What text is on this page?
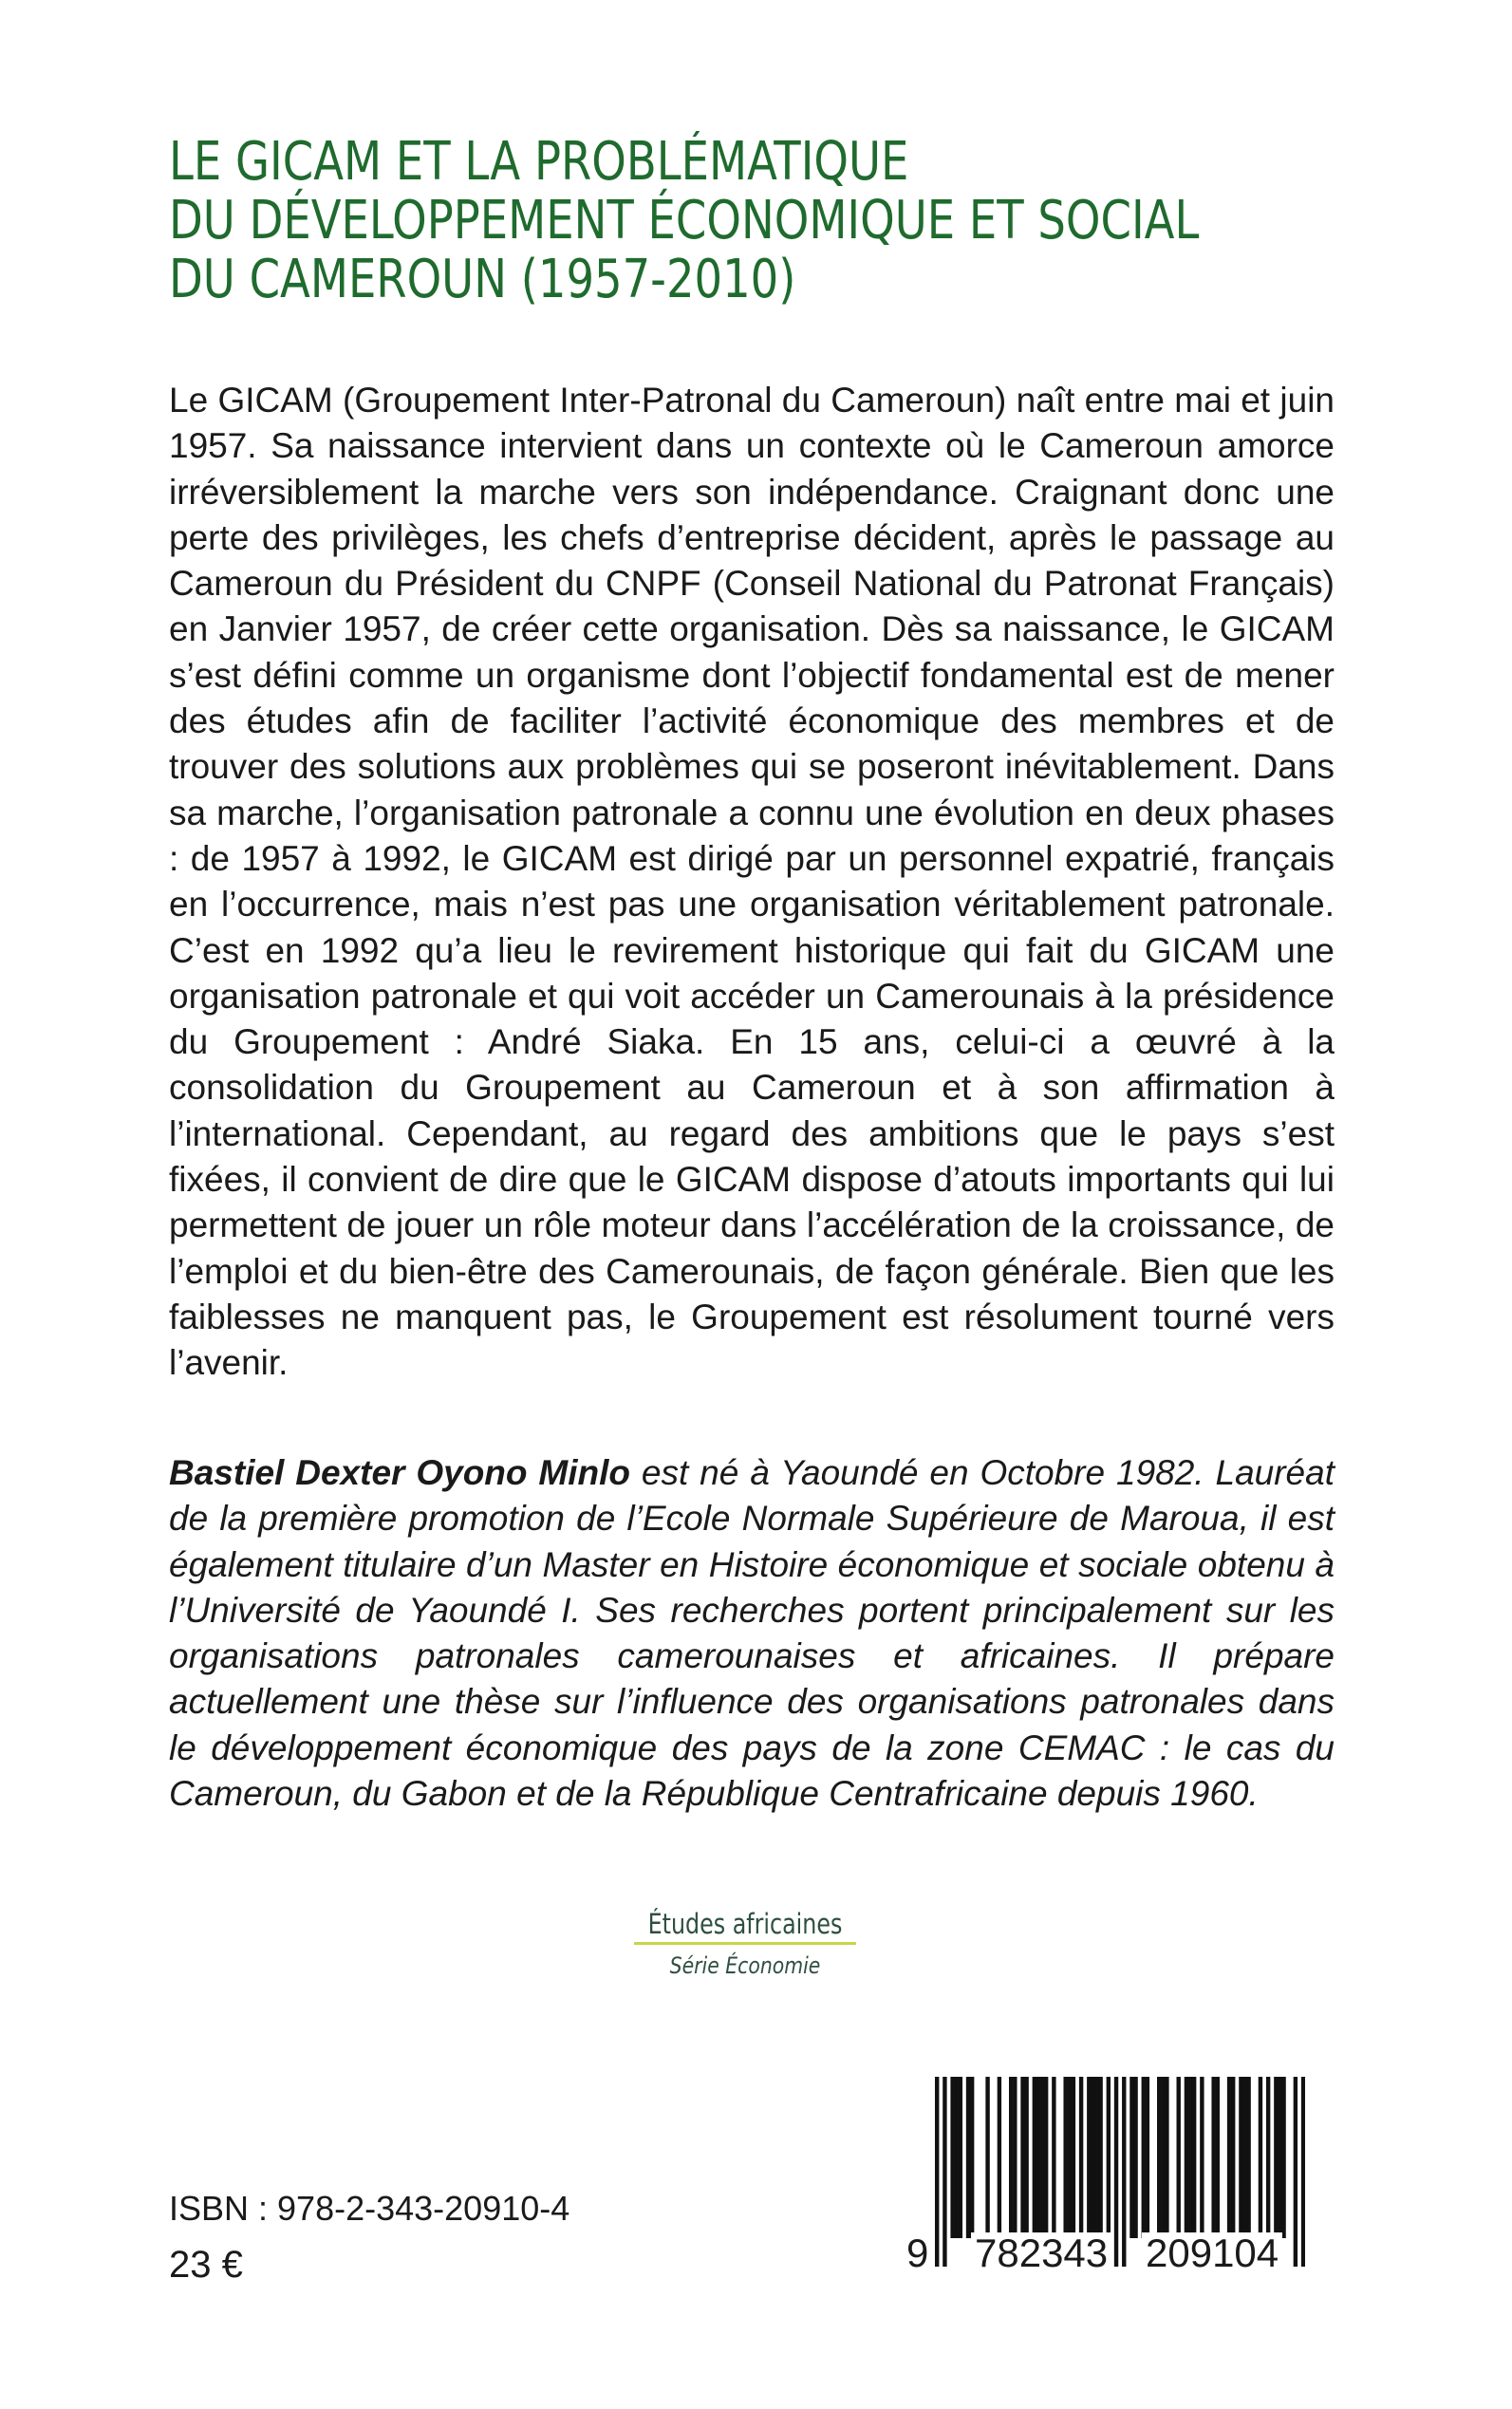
LE GICAM ET LA PROBLÉMATIQUE
DU DÉVELOPPEMENT ÉCONOMIQUE ET SOCIAL
DU CAMEROUN (1957-2010)

Le GICAM (Groupement Inter-Patronal du Cameroun) naît entre mai et juin 1957. Sa naissance intervient dans un contexte où le Cameroun amorce irréversiblement la marche vers son indépendance. Craignant donc une perte des privilèges, les chefs d’entreprise décident, après le passage au Cameroun du Président du CNPF (Conseil National du Patronat Français) en Janvier 1957, de créer cette organisation. Dès sa naissance, le GICAM s’est défini comme un organisme dont l’objectif fondamental est de mener des études afin de faciliter l’activité économique des membres et de trouver des solutions aux problèmes qui se poseront inévitablement. Dans sa marche, l’organisation patronale a connu une évolution en deux phases : de 1957 à 1992, le GICAM est dirigé par un personnel expatrié, français en l’occurrence, mais n’est pas une organisation véritablement patronale. C’est en 1992 qu’a lieu le revirement historique qui fait du GICAM une organisation patronale et qui voit accéder un Camerounais à la présidence du Groupement : André Siaka. En 15 ans, celui-ci a œuvré à la consolidation du Groupement au Cameroun et à son affirmation à l’international. Cependant, au regard des ambitions que le pays s’est fixées, il convient de dire que le GICAM dispose d’atouts importants qui lui permettent de jouer un rôle moteur dans l’accélération de la croissance, de l’emploi et du bien-être des Camerounais, de façon générale. Bien que les faiblesses ne manquent pas, le Groupement est résolument tourné vers l’avenir.

Bastiel Dexter Oyono Minlo est né à Yaoundé en Octobre 1982. Lauréat de la première promotion de l’Ecole Normale Supérieure de Maroua, il est également titulaire d’un Master en Histoire économique et sociale obtenu à l’Université de Yaoundé I. Ses recherches portent principalement sur les organisations patronales camerounaises et africaines. Il prépare actuellement une thèse sur l’influence des organisations patronales dans le développement économique des pays de la zone CEMAC : le cas du Cameroun, du Gabon et de la République Centrafricaine depuis 1960.

Études africaines
Série Économie

ISBN : 978-2-343-20910-4

23 €	9 782343 209104
